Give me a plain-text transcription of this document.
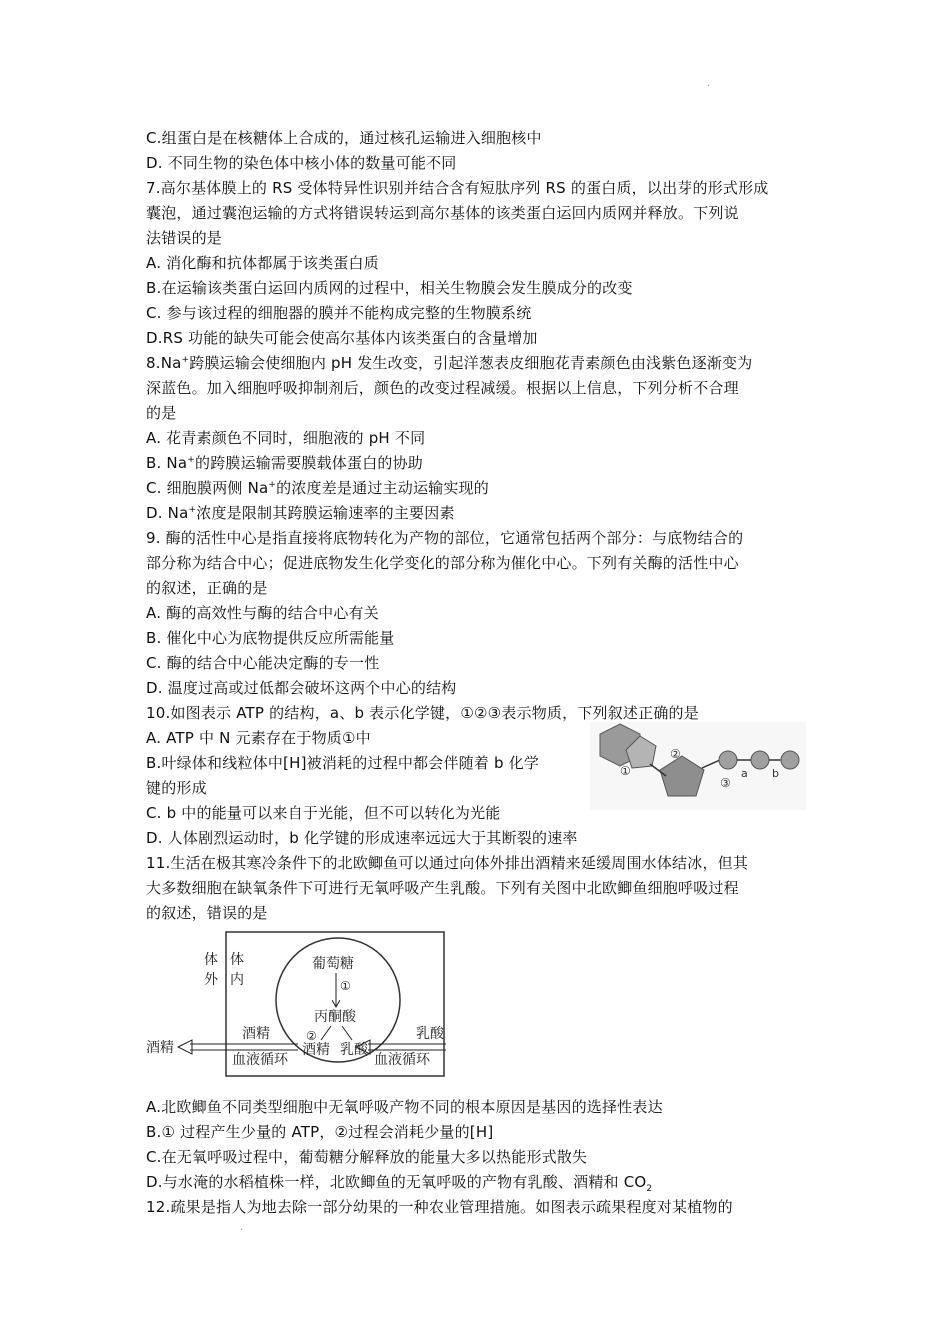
.
C.组蛋白是在核糖体上合成的，通过核孔运输进入细胞核中
D. 不同生物的染色体中核小体的数量可能不同
7.高尔基体膜上的 RS 受体特异性识别并结合含有短肽序列 RS 的蛋白质，以出芽的形式形成
囊泡，通过囊泡运输的方式将错误转运到高尔基体的该类蛋白运回内质网并释放。下列说
法错误的是
A. 消化酶和抗体都属于该类蛋白质
B.在运输该类蛋白运回内质网的过程中，相关生物膜会发生膜成分的改变
C. 参与该过程的细胞器的膜并不能构成完整的生物膜系统
D.RS 功能的缺失可能会使高尔基体内该类蛋白的含量增加
8.Na+跨膜运输会使细胞内 pH 发生改变，引起洋葱表皮细胞花青素颜色由浅紫色逐渐变为
深蓝色。加入细胞呼吸抑制剂后，颜色的改变过程减缓。根据以上信息，下列分析不合理
的是
A. 花青素颜色不同时，细胞液的 pH 不同
B. Na+的跨膜运输需要膜载体蛋白的协助
C. 细胞膜两侧 Na+的浓度差是通过主动运输实现的
D. Na+浓度是限制其跨膜运输速率的主要因素
9. 酶的活性中心是指直接将底物转化为产物的部位，它通常包括两个部分：与底物结合的
部分称为结合中心；促进底物发生化学变化的部分称为催化中心。下列有关酶的活性中心
的叙述，正确的是
A. 酶的高效性与酶的结合中心有关
B. 催化中心为底物提供反应所需能量
C. 酶的结合中心能决定酶的专一性
D. 温度过高或过低都会破坏这两个中心的结构
10.如图表示 ATP 的结构，a、b 表示化学键，①②③表示物质，下列叙述正确的是
A. ATP 中 N 元素存在于物质①中
B.叶绿体和线粒体中[H]被消耗的过程中都会伴随着 b 化学
键的形成
C. b 中的能量可以来自于光能，但不可以转化为光能
D. 人体剧烈运动时，b 化学键的形成速率远远大于其断裂的速率
①
②
③
a b
11.生活在极其寒冷条件下的北欧鲫鱼可以通过向体外排出酒精来延缓周围水体结冰，但其
大多数细胞在缺氧条件下可进行无氧呼吸产生乳酸。下列有关图中北欧鲫鱼细胞呼吸过程
的叙述，错误的是
体
外
体
内
葡萄糖
①
丙酮酸
②
酒精 乳酸
酒精	乳酸
血液循环	血液循环
酒精
A.北欧鲫鱼不同类型细胞中无氧呼吸产物不同的根本原因是基因的选择性表达
B.① 过程产生少量的 ATP，②过程会消耗少量的[H]
C.在无氧呼吸过程中，葡萄糖分解释放的能量大多以热能形式散失
D.与水淹的水稻植株一样，北欧鲫鱼的无氧呼吸的产物有乳酸、酒精和 $CO_2$
12.疏果是指人为地去除一部分幼果的一种农业管理措施。如图表示疏果程度对某植物的
.
